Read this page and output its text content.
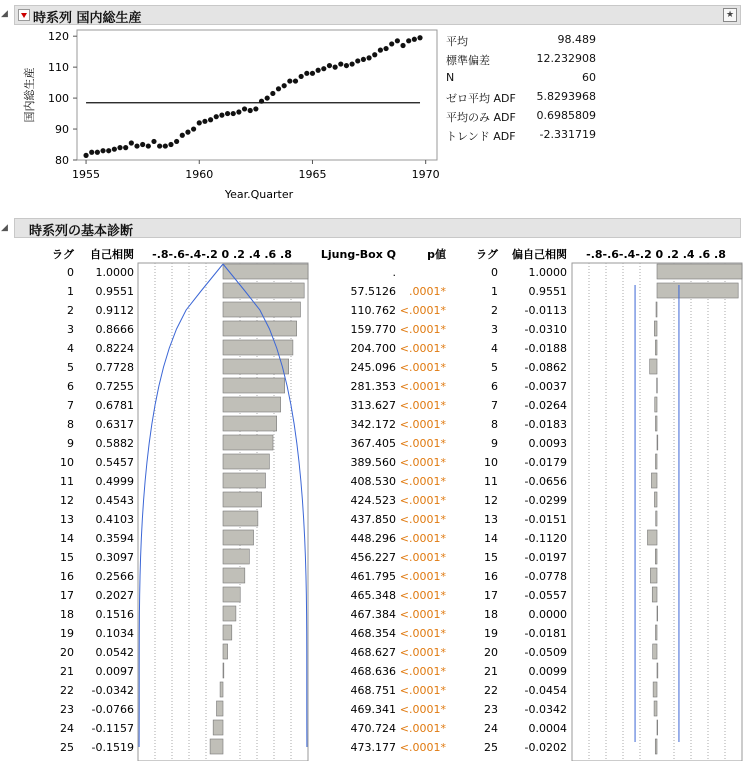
◢ 時系列 国内総生産	★
80
90
100
110
120
1955	1960	1965	1970
Year.Quarter
国内総生産
平均	98.489
標準偏差	12.232908
N	60
ゼロ平均 ADF	5.8293968
平均のみ ADF	0.6985809
トレンド ADF	-2.331719
◢ 時系列の基本診断
ラグ 自己相関 -.8-.6-.4-.2 0 .2 .4 .6 .8	Ljung-Box Q	p値	ラグ 偏自己相関 -.8-.6-.4-.2 0 .2 .4 .6 .8
0 1.0000	.	0	1.0000
1 0.9551	57.5126 .0001*	1	0.9551
2 0.9112	110.762 <.0001*	2 -0.0113
3 0.8666	159.770 <.0001*	3 -0.0310
4 0.8224	204.700 <.0001*	4 -0.0188
5 0.7728	245.096 <.0001*	5 -0.0862
6 0.7255	281.353 <.0001*	6 -0.0037
7 0.6781	313.627 <.0001*	7 -0.0264
8 0.6317	342.172 <.0001*	8 -0.0183
9 0.5882	367.405 <.0001*	9	0.0093
10 0.5457	389.560 <.0001*	10 -0.0179
11 0.4999	408.530 <.0001*	11 -0.0656
12 0.4543	424.523 <.0001*	12 -0.0299
13 0.4103	437.850 <.0001*	13 -0.0151
14 0.3594	448.296 <.0001*	14 -0.1120
15 0.3097	456.227 <.0001*	15 -0.0197
16 0.2566	461.795 <.0001*	16 -0.0778
17 0.2027	465.348 <.0001*	17 -0.0557
18 0.1516	467.384 <.0001*	18	0.0000
19 0.1034	468.354 <.0001*	19 -0.0181
20 0.0542	468.627 <.0001*	20 -0.0509
21 0.0097	468.636 <.0001*	21	0.0099
22 -0.0342	468.751 <.0001*	22 -0.0454
23 -0.0766	469.341 <.0001*	23 -0.0342
24 -0.1157	470.724 <.0001*	24	0.0004
25 -0.1519	473.177 <.0001*	25 -0.0202
